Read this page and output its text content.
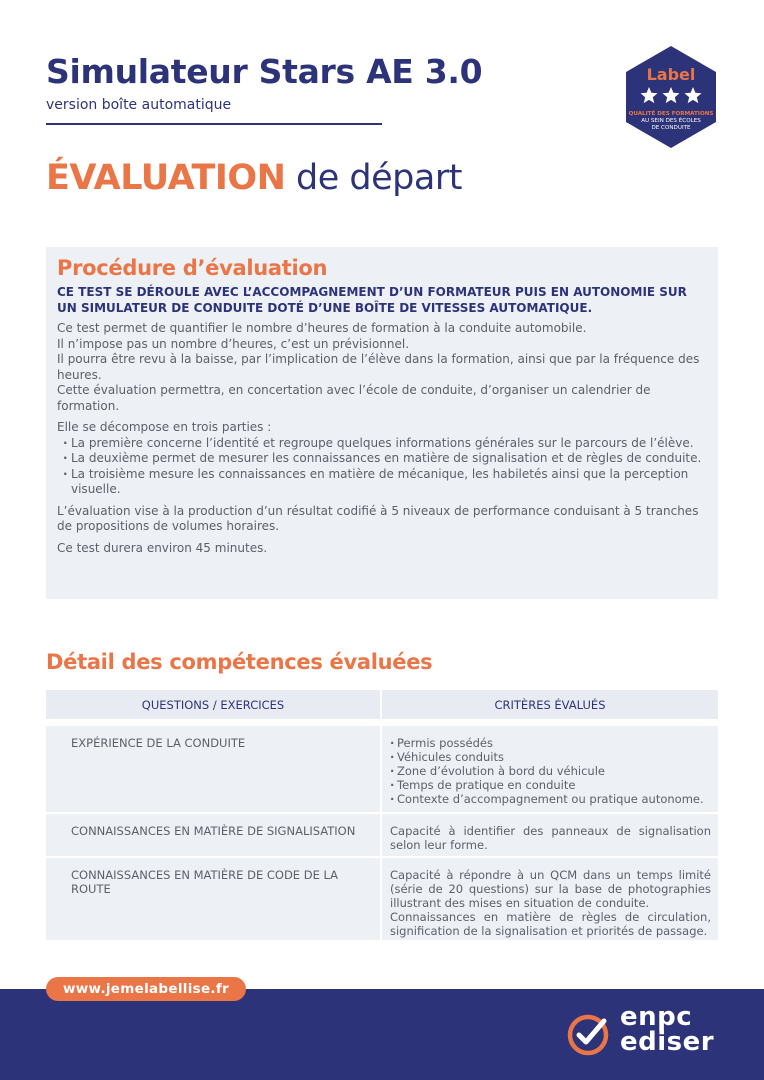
Simulateur Stars AE 3.0
version boîte automatique
ÉVALUATION de départ
Label
QUALITÉ DES FORMATIONS
AU SEIN DES ÉCOLES
DE CONDUITE
Procédure d’évaluation
CE TEST SE DÉROULE AVEC L’ACCOMPAGNEMENT D’UN FORMATEUR PUIS EN AUTONOMIE SUR UN SIMULATEUR DE CONDUITE DOTÉ D’UNE BOÎTE DE VITESSES AUTOMATIQUE.

Ce test permet de quantifier le nombre d’heures de formation à la conduite automobile.

Il n’impose pas un nombre d’heures, c’est un prévisionnel.

Il pourra être revu à la baisse, par l’implication de l’élève dans la formation, ainsi que par la fréquence des heures.

Cette évaluation permettra, en concertation avec l’école de conduite, d’organiser un calendrier de formation.

Elle se décompose en trois parties :

· La première concerne l’identité et regroupe quelques informations générales sur le parcours de l’élève.
· La deuxième permet de mesurer les connaissances en matière de signalisation et de règles de conduite.
· La troisième mesure les connaissances en matière de mécanique, les habiletés ainsi que la perception visuelle.

L’évaluation vise à la production d’un résultat codifié à 5 niveaux de performance conduisant à 5 tranches de propositions de volumes horaires.

Ce test durera environ 45 minutes.

Détail des compétences évaluées
QUESTIONS / EXERCICES	CRITÈRES ÉVALUÉS
EXPÉRIENCE DE LA CONDUITE
·	Permis possédés
· Véhicules conduits
· Zone d’évolution à bord du véhicule
· Temps de pratique en conduite
· Contexte d’accompagnement ou pratique autonome.
CONNAISSANCES EN MATIÈRE DE SIGNALISATION	Capacité à identifier des panneaux de signalisation selon leur forme.

CONNAISSANCES EN MATIÈRE DE CODE DE LA ROUTE

Capacité à répondre à un QCM dans un temps limité (série de 20 questions) sur la base de photographies illustrant des mises en situation de conduite.

Connaissances en matière de règles de circulation, signification de la signalisation et priorités de passage.

www.jemelabellise.fr
enpc
ediser
